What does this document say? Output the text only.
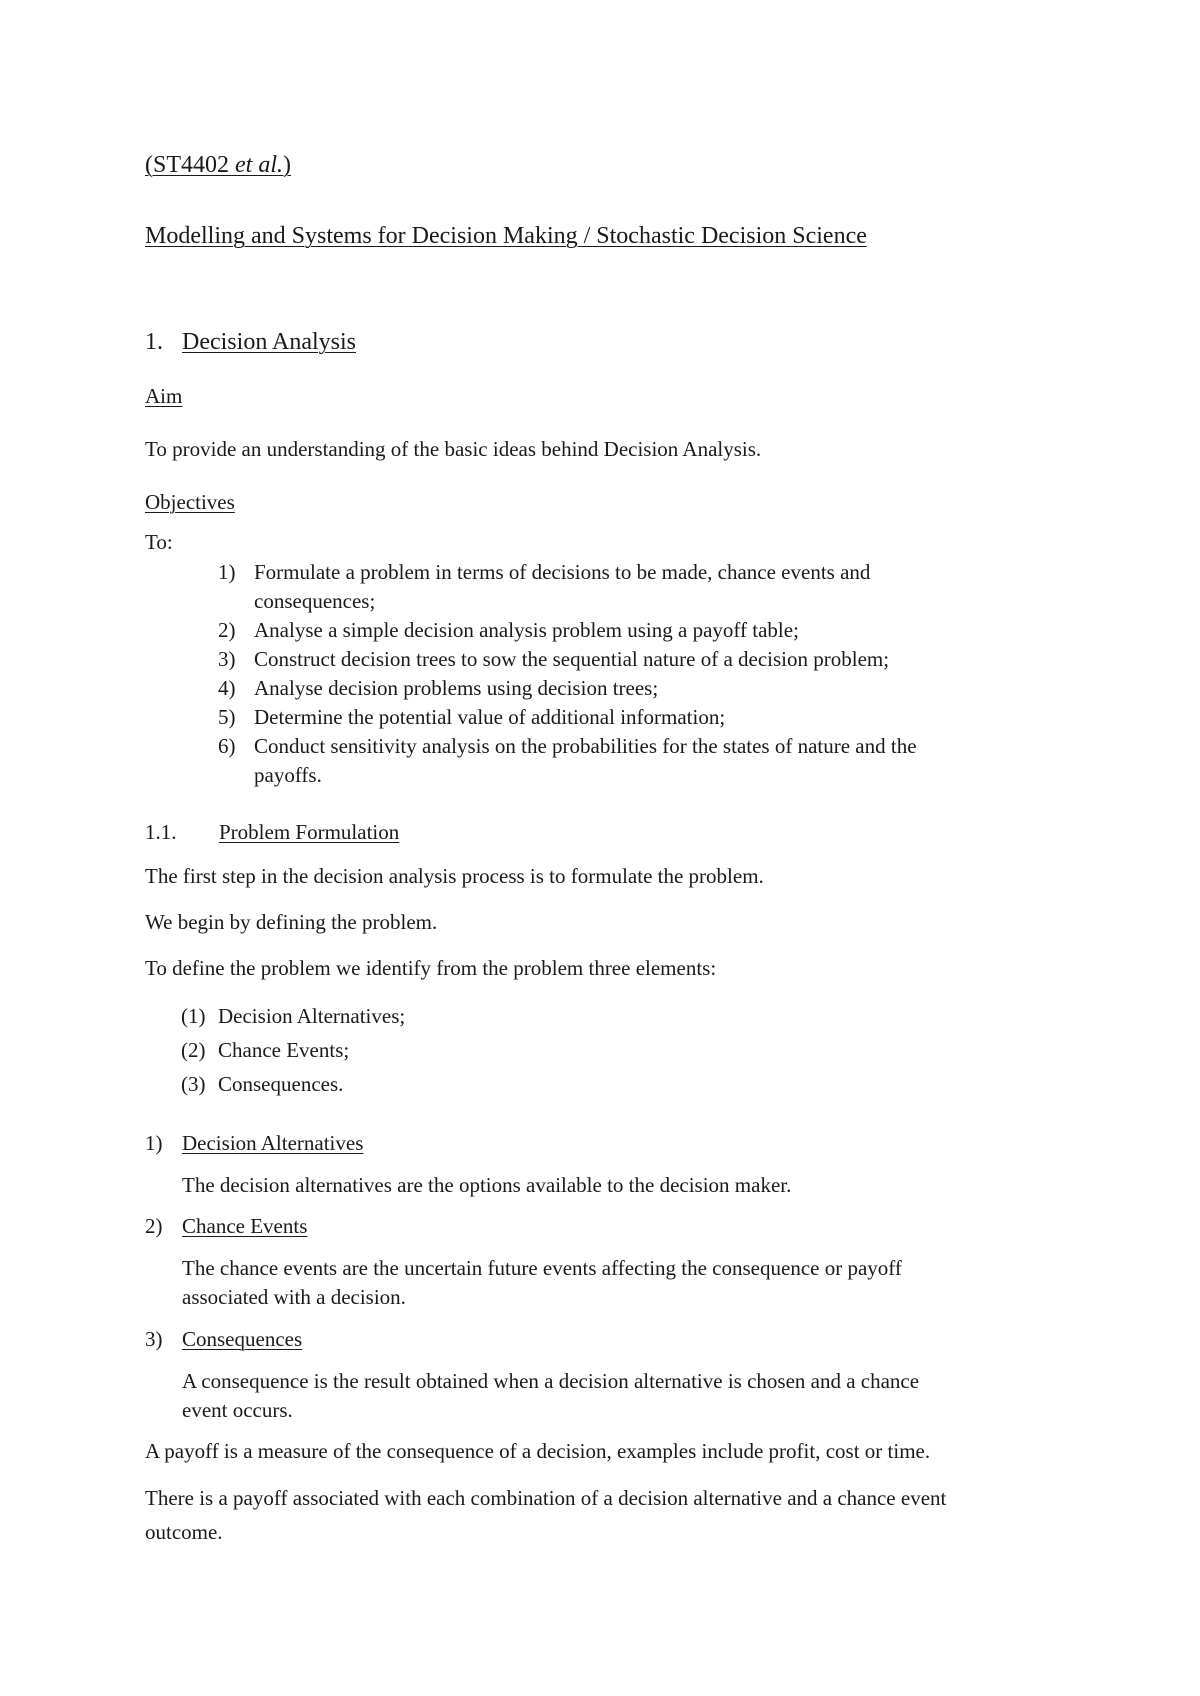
(ST4402 et al.)

Modelling and Systems for Decision Making / Stochastic Decision Science

1. Decision Analysis

Aim

To provide an understanding of the basic ideas behind Decision Analysis.

Objectives

To:

1) Formulate a problem in terms of decisions to be made, chance events and
consequences;
2) Analyse a simple decision analysis problem using a payoff table;
3) Construct decision trees to sow the sequential nature of a decision problem;
4) Analyse decision problems using decision trees;
5) Determine the potential value of additional information;
6) Conduct sensitivity analysis on the probabilities for the states of nature and the
payoffs.
1.1. Problem Formulation

The first step in the decision analysis process is to formulate the problem.

We begin by defining the problem.

To define the problem we identify from the problem three elements:

(1) Decision Alternatives;
(2) Chance Events;
(3) Consequences.
1) Decision Alternatives
The decision alternatives are the options available to the decision maker.
2) Chance Events
The chance events are the uncertain future events affecting the consequence or payoff
associated with a decision.
3) Consequences
A consequence is the result obtained when a decision alternative is chosen and a chance
event occurs.

A payoff is a measure of the consequence of a decision, examples include profit, cost or time.

There is a payoff associated with each combination of a decision alternative and a chance event

outcome.
